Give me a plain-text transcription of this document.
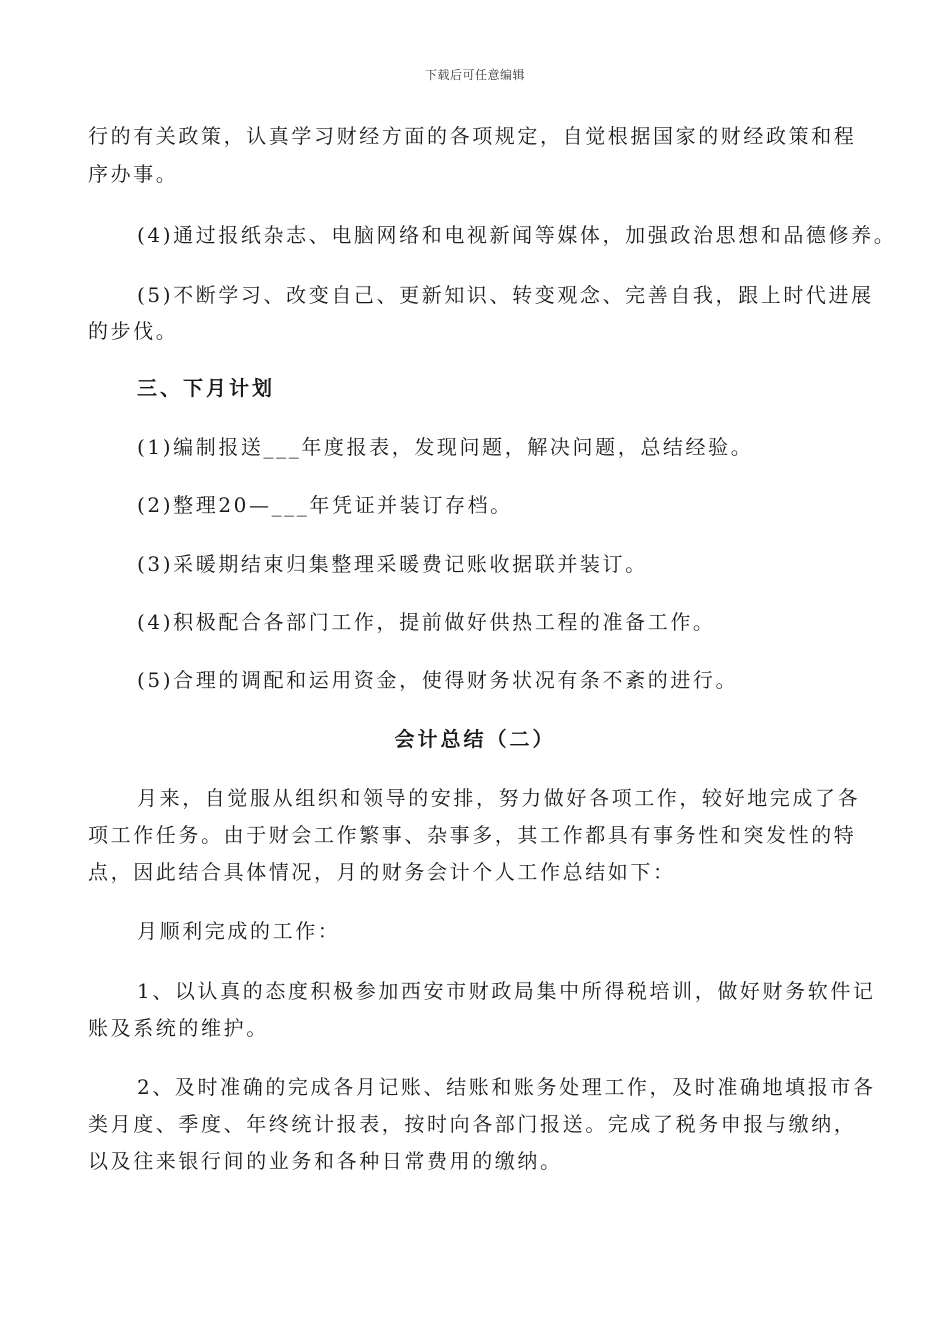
下载后可任意编辑
行的有关政策，认真学习财经方面的各项规定，自觉根据国家的财经政策和程
序办事。
(4)通过报纸杂志、电脑网络和电视新闻等媒体，加强政治思想和品德修养。
(5)不断学习、改变自己、更新知识、转变观念、完善自我，跟上时代进展
的步伐。
三、下月计划
(1)编制报送___年度报表，发现问题，解决问题，总结经验。
(2)整理20—___年凭证并装订存档。
(3)采暖期结束归集整理采暖费记账收据联并装订。
(4)积极配合各部门工作，提前做好供热工程的准备工作。
(5)合理的调配和运用资金，使得财务状况有条不紊的进行。
会计总结（二）
月来，自觉服从组织和领导的安排，努力做好各项工作，较好地完成了各
项工作任务。由于财会工作繁事、杂事多，其工作都具有事务性和突发性的特
点，因此结合具体情况，月的财务会计个人工作总结如下：
月顺利完成的工作：
1、以认真的态度积极参加西安市财政局集中所得税培训，做好财务软件记
账及系统的维护。
2、及时准确的完成各月记账、结账和账务处理工作，及时准确地填报市各
类月度、季度、年终统计报表，按时向各部门报送。完成了税务申报与缴纳，
以及往来银行间的业务和各种日常费用的缴纳。
